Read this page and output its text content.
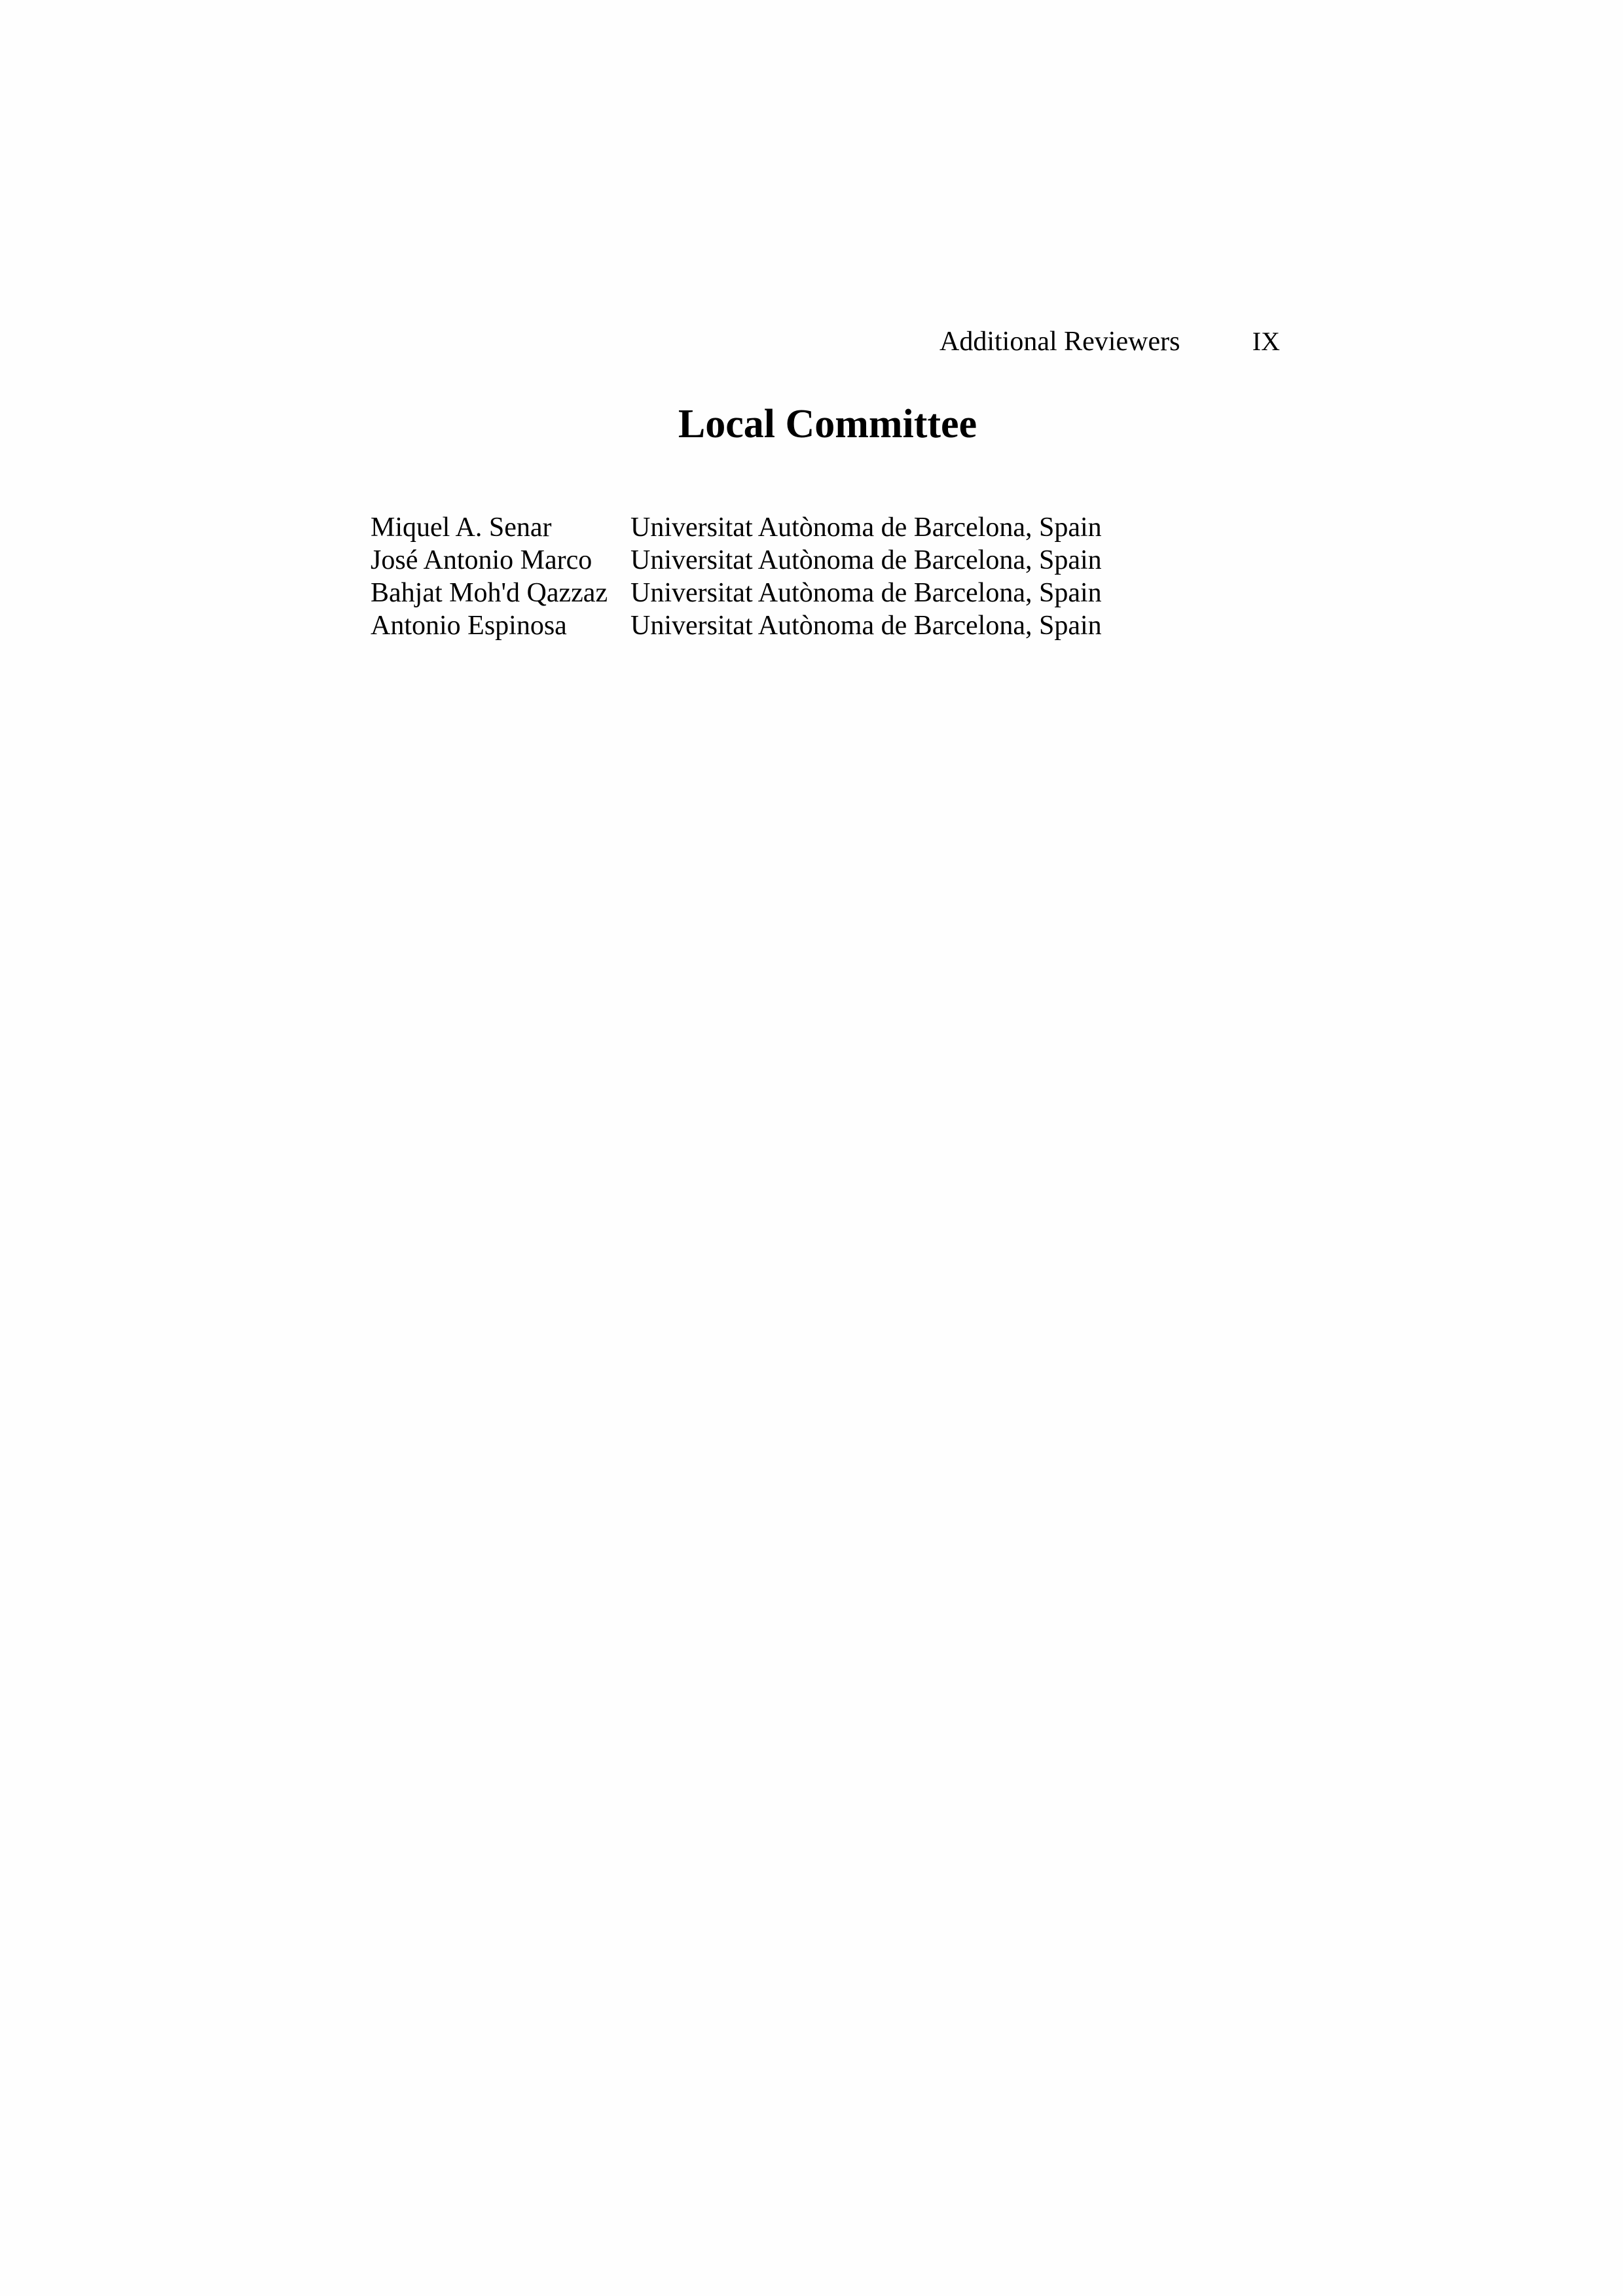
Additional Reviewers	IX
Local Committee
Miquel A. Senar	Universitat Autònoma de Barcelona, Spain
José Antonio Marco	Universitat Autònoma de Barcelona, Spain
Bahjat Moh'd Qazzaz Universitat Autònoma de Barcelona, Spain
Antonio Espinosa	Universitat Autònoma de Barcelona, Spain
